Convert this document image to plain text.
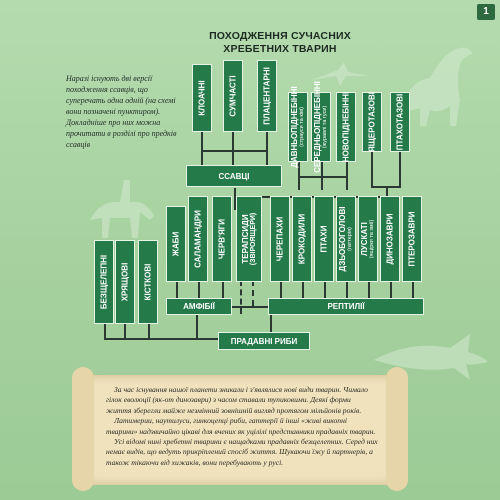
1
ПОХОДЖЕННЯ СУЧАСНИХ
ХРЕБЕТНИХ ТВАРИН
Наразі існують дві версії походження ссавців, що суперечать одна одній (на схемі вони позначені пунктиром). Докладніше про них можна прочитати в розділі про предків ссавців
КЛОАЧНІ	СУМЧАСТІ	ПЛАЦЕНТАРНІ
ССАВЦІ
ДАВНЬОПІДНЕБІННІ (страуси та ківі) СЕРЕДНЬОПІДНЕБІННІ (журавлі та гуси) НОВОПІДНЕБІННІ ЯЩЕРОТАЗОВІ ПТАХОТАЗОВІ
ЖАБИ САЛАМАНДРИ ЧЕРВ'ЯГИ ТЕРАПСИДИ (ЗВІРОЯЩЕРИ) ЧЕРЕПАХИ КРОКОДИЛИ ПТАХИ ДЗЬОБОГОЛОВІ (гаттерія) ЛУСКАТІ (ящірки та змії) ДИНОЗАВРИ ПТЕРОЗАВРИ
АМФІБІЇ	РЕПТИЛІЇ
БЕЗЩЕЛЕПНІ ХРЯЩОВІ КІСТКОВІ
ПРАДАВНІ РИБИ

За час існування нашої планети зникали і з'являлися нові види тварин. Чималo гілок еволюції (як-от динозаври) з часом ставали тупиковими. Деякі форми життя зберегли майже незмінний зовнішній вигляд протягом мільйонів років.

Латимерии, наутилуси, гинкоцепці риби, гаттерії й інші «живі викопні тварини» надзвичайно цікаві для вчених як уцілілі представники прадавніх тварин.

Усі відомі нині хребетні тварини є нащадками прадавніх безщелепних. Серед них немає видів, що ведуть прикріплений спосіб життя. Шукаючи їжу й партнерів, а також тікаючи від хижаків, вони перебувають у русі.
